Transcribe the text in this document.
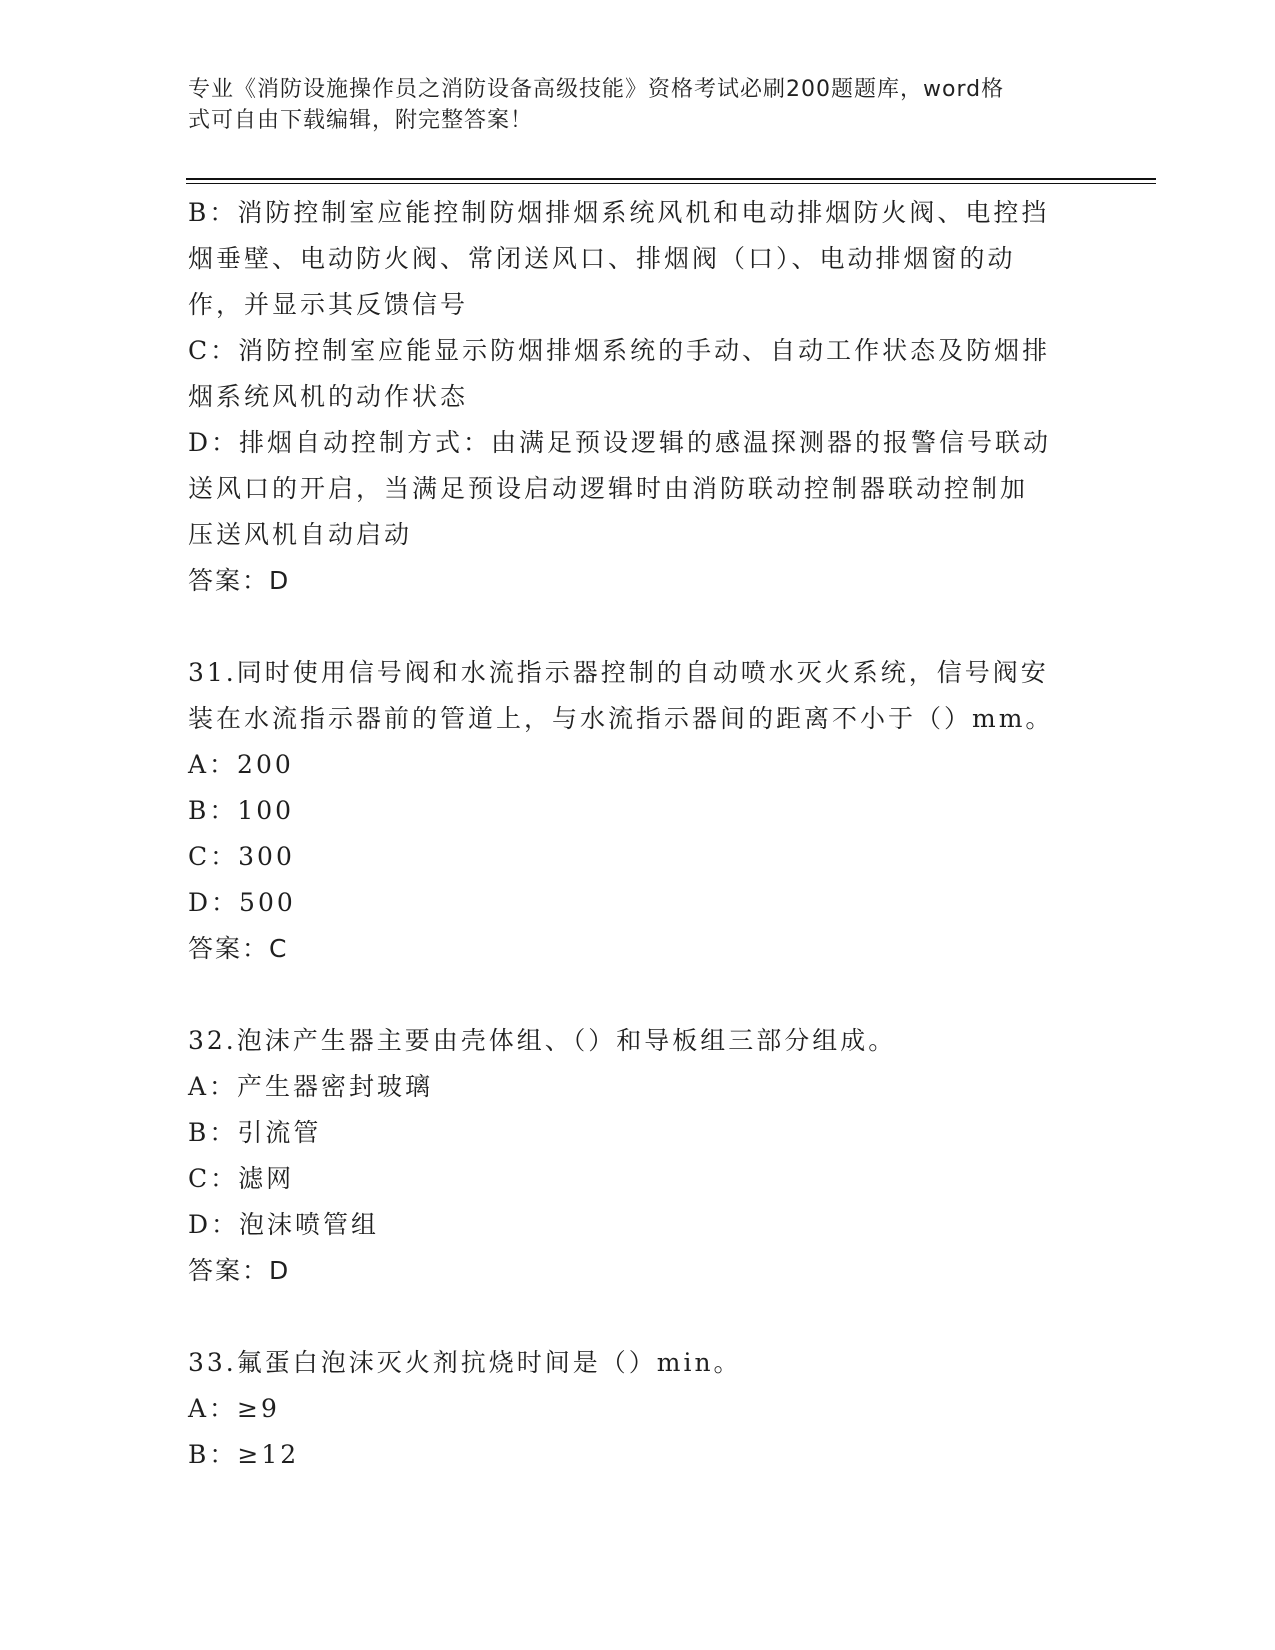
专业《消防设施操作员之消防设备高级技能》资格考试必刷200题题库，word格
式可自由下载编辑，附完整答案！

B：消防控制室应能控制防烟排烟系统风机和电动排烟防火阀、电控挡

烟垂壁、电动防火阀、常闭送风口、排烟阀（口）、电动排烟窗的动

作，并显示其反馈信号

C：消防控制室应能显示防烟排烟系统的手动、自动工作状态及防烟排

烟系统风机的动作状态

D：排烟自动控制方式：由满足预设逻辑的感温探测器的报警信号联动

送风口的开启，当满足预设启动逻辑时由消防联动控制器联动控制加

压送风机自动启动

答案：D

31.同时使用信号阀和水流指示器控制的自动喷水灭火系统，信号阀安

装在水流指示器前的管道上，与水流指示器间的距离不小于（）mm。

A：200

B：100

C：300

D：500

答案：C

32.泡沫产生器主要由壳体组、（）和导板组三部分组成。

A：产生器密封玻璃

B：引流管

C：滤网

D：泡沫喷管组

答案：D

33.氟蛋白泡沫灭火剂抗烧时间是（）min。

A：≥9

B：≥12
